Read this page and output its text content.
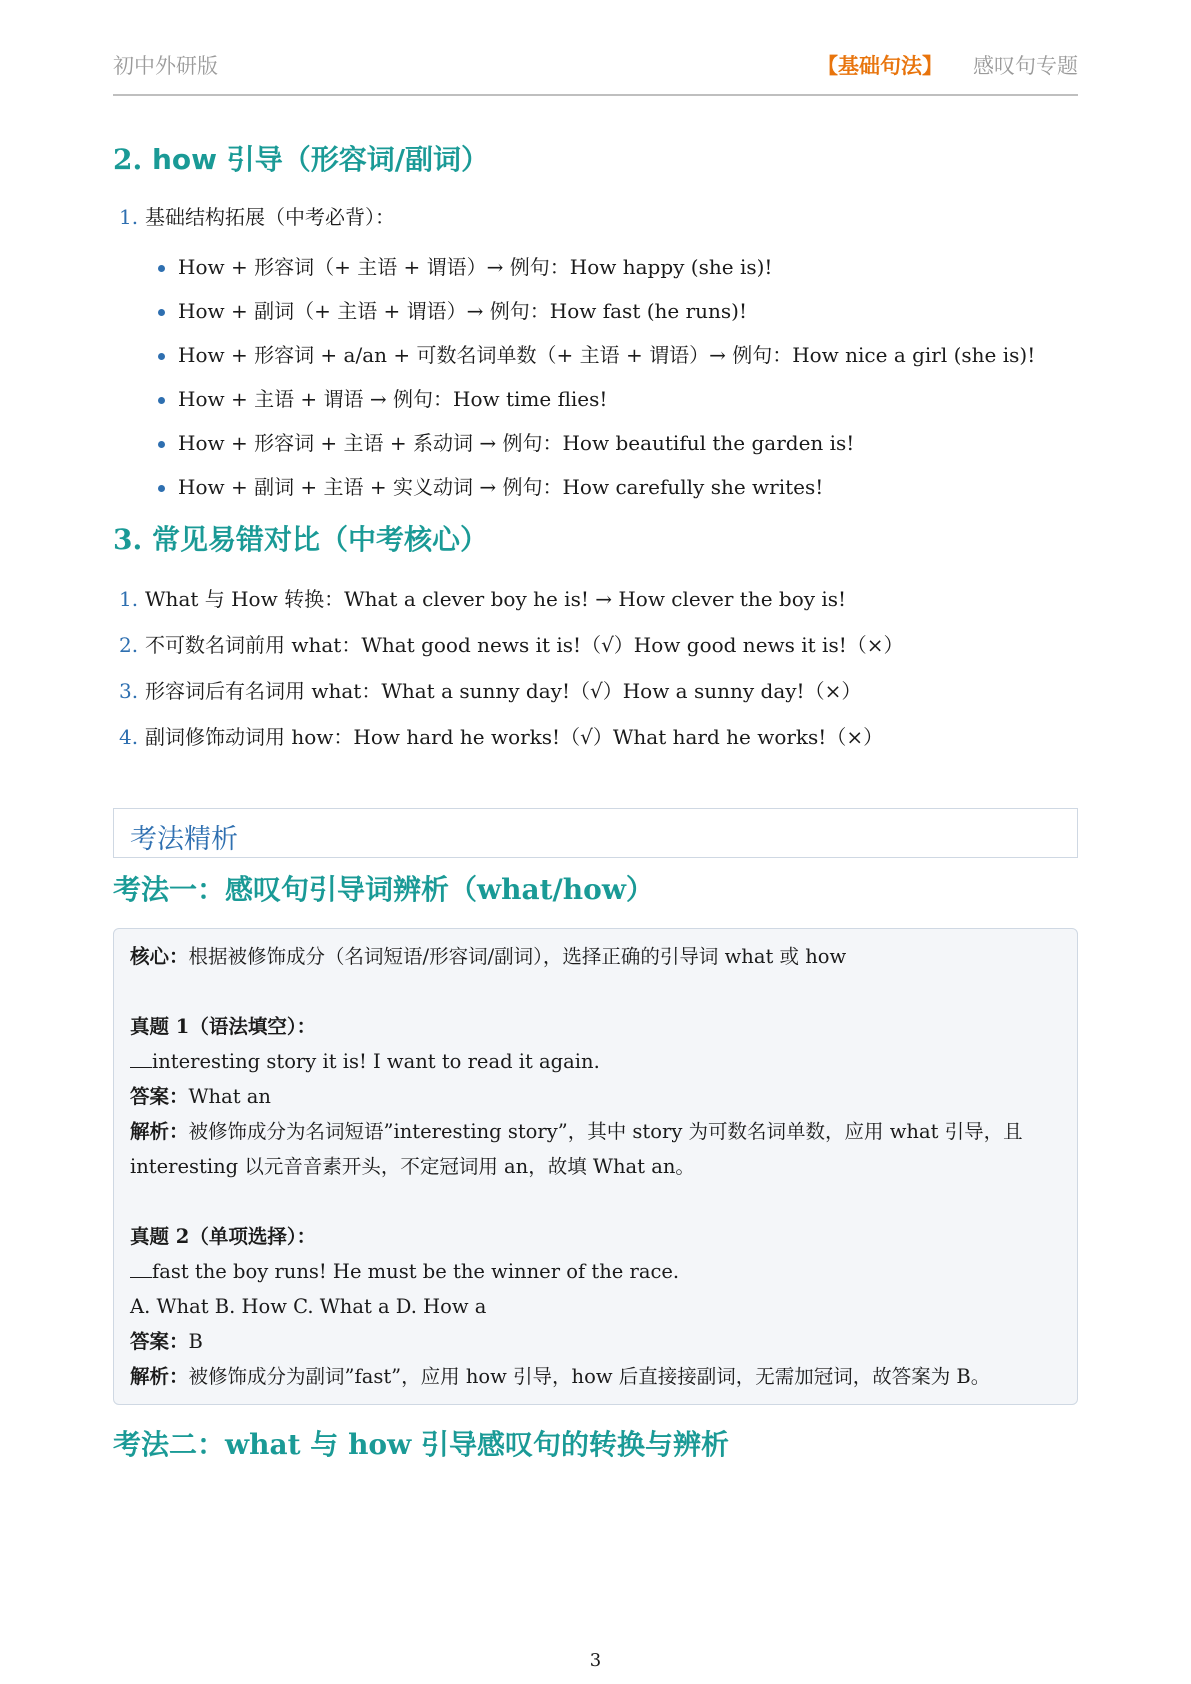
初中外研版	【基础句法】 感叹句专题
2. how 引导（形容词/副词）
1. 基础结构拓展（中考必背）：
How + 形容词（+ 主语 + 谓语）→ 例句：How happy (she is)!
How + 副词（+ 主语 + 谓语）→ 例句：How fast (he runs)!
How + 形容词 + a/an + 可数名词单数（+ 主语 + 谓语）→ 例句：How nice a girl (she is)!
How + 主语 + 谓语 → 例句：How time flies!
How + 形容词 + 主语 + 系动词 → 例句：How beautiful the garden is!
How + 副词 + 主语 + 实义动词 → 例句：How carefully she writes!
3. 常见易错对比（中考核心）
1. What 与 How 转换：What a clever boy he is! → How clever the boy is!
2. 不可数名词前用 what：What good news it is!（√）How good news it is!（×）
3. 形容词后有名词用 what：What a sunny day!（√）How a sunny day!（×）
4. 副词修饰动词用 how：How hard he works!（√）What hard he works!（×）
考法精析
考法一：感叹句引导词辨析（what/how）

核心：根据被修饰成分（名词短语/形容词/副词），选择正确的引导词 what 或 how

真题 1（语法填空）：

interesting story it is! I want to read it again.

答案：What an

解析：被修饰成分为名词短语”interesting story”，其中 story 为可数名词单数，应用 what 引导，且 interesting 以元音音素开头，不定冠词用 an，故填 What an。

真题 2（单项选择）：

fast the boy runs! He must be the winner of the race.

A. What B. How C. What a D. How a

答案：B

解析：被修饰成分为副词”fast”，应用 how 引导，how 后直接接副词，无需加冠词，故答案为 B。

考法二：what 与 how 引导感叹句的转换与辨析
3
